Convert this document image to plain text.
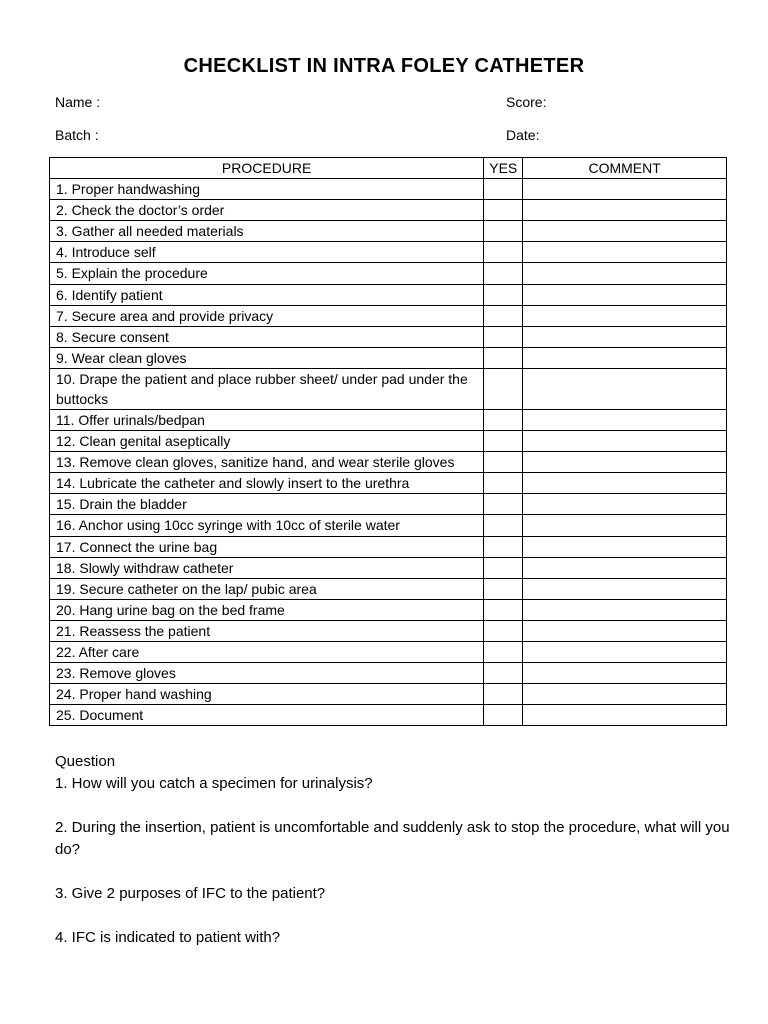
CHECKLIST IN INTRA FOLEY CATHETER
Name :	Score:
Batch :	Date:
PROCEDURE	YES	COMMENT
1. Proper handwashing		
2. Check the doctor’s order		
3. Gather all needed materials		
4. Introduce self		
5. Explain the procedure		
6. Identify patient		
7. Secure area and provide privacy		
8. Secure consent		
9. Wear clean gloves		
10. Drape the patient and place rubber sheet/ under pad under the buttocks		
11. Offer urinals/bedpan		
12. Clean genital aseptically		
13. Remove clean gloves, sanitize hand, and wear sterile gloves		
14. Lubricate the catheter and slowly insert to the urethra		
15. Drain the bladder		
16. Anchor using 10cc syringe with 10cc of sterile water		
17. Connect the urine bag		
18. Slowly withdraw catheter		
19. Secure catheter on the lap/ pubic area		
20. Hang urine bag on the bed frame		
21. Reassess the patient		
22. After care		
23. Remove gloves		
24. Proper hand washing		
25. Document		
Question
1. How will you catch a specimen for urinalysis?
2. During the insertion, patient is uncomfortable and suddenly ask to stop the procedure, what will you do?
3. Give 2 purposes of IFC to the patient?
4. IFC is indicated to patient with?
